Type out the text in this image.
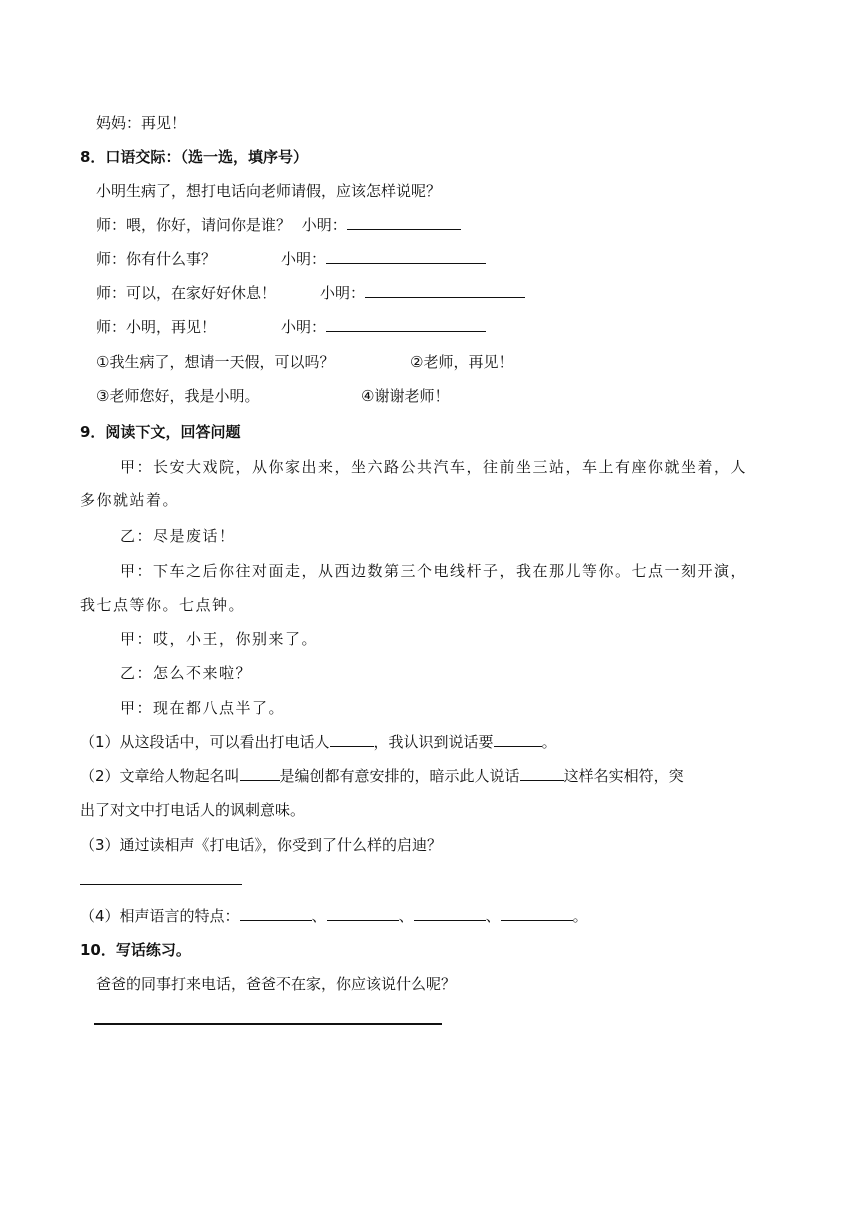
妈妈：再见！
8．口语交际：（选一选，填序号）
小明生病了，想打电话向老师请假，应该怎样说呢？
师：喂，你好，请问你是谁？ 小明：
师：你有什么事？	小明：
师：可以，在家好好休息！	小明：
师：小明，再见！	小明：
①我生病了，想请一天假，可以吗？	②老师，再见！
③老师您好，我是小明。	④谢谢老师！
9．阅读下文，回答问题
甲：长安大戏院，从你家出来，坐六路公共汽车，往前坐三站，车上有座你就坐着，人
多你就站着。
乙：尽是废话！
甲：下车之后你往对面走，从西边数第三个电线杆子，我在那儿等你。七点一刻开演，
我七点等你。七点钟。
甲：哎，小王，你别来了。
乙：怎么不来啦？
甲：现在都八点半了。
（1）从这段话中，可以看出打电话人	，我认识到说话要	。
（2）文章给人物起名叫	是编创都有意安排的，暗示此人说话	这样名实相符，突
出了对文中打电话人的讽刺意味。
（3）通过读相声《打电话》，你受到了什么样的启迪？
（4）相声语言的特点：	、	、	、	。
10．写话练习。
爸爸的同事打来电话，爸爸不在家，你应该说什么呢？
